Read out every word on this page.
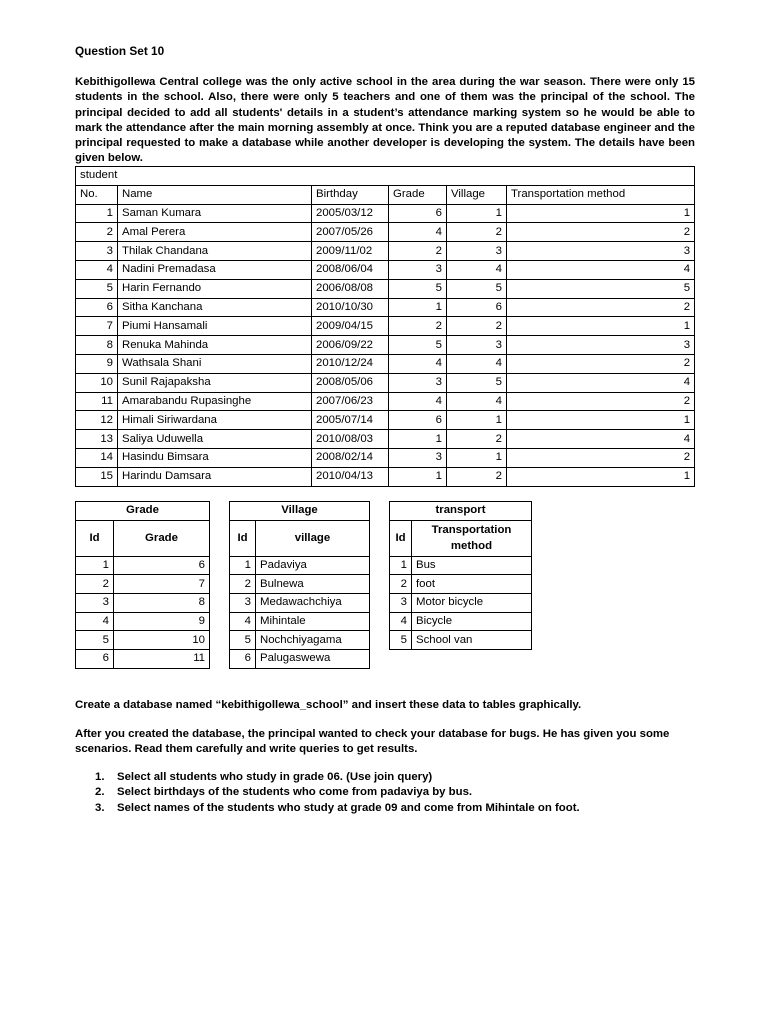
Question Set 10
Kebithigollewa Central college was the only active school in the area during the war season. There were only 15 students in the school. Also, there were only 5 teachers and one of them was the principal of the school. The principal decided to add all students' details in a student’s attendance marking system so he would be able to mark the attendance after the main morning assembly at once. Think you are a reputed database engineer and the principal requested to make a database while another developer is developing the system. The details have been given below.
student					
No.	Name	Birthday	Grade	Village	Transportation method
1	Saman Kumara	2005/03/12	6	1	1
2	Amal Perera	2007/05/26	4	2	2
3	Thilak Chandana	2009/11/02	2	3	3
4	Nadini Premadasa	2008/06/04	3	4	4
5	Harin Fernando	2006/08/08	5	5	5
6	Sitha Kanchana	2010/10/30	1	6	2
7	Piumi Hansamali	2009/04/15	2	2	1
8	Renuka Mahinda	2006/09/22	5	3	3
9	Wathsala Shani	2010/12/24	4	4	2
10	Sunil Rajapaksha	2008/05/06	3	5	4
11	Amarabandu Rupasinghe	2007/06/23	4	4	2
12	Himali Siriwardana	2005/07/14	6	1	1
13	Saliya Uduwella	2010/08/03	1	2	4
14	Hasindu Bimsara	2008/02/14	3	1	2
15	Harindu Damsara	2010/04/13	1	2	1
Grade	
Id	Grade
1	6
2	7
3	8
4	9
5	10
6	11
Village	
Id	village
1	Padaviya
2	Bulnewa
3	Medawachchiya
4	Mihintale
5	Nochchiyagama
6	Palugaswewa
transport	
Id	Transportation method
1	Bus
2	foot
3	Motor bicycle
4	Bicycle
5	School van
Create a database named “kebithigollewa_school” and insert these data to tables graphically.
After you created the database, the principal wanted to check your database for bugs. He has given you some scenarios. Read them carefully and write queries to get results.
1. Select all students who study in grade 06. (Use join query)
2. Select birthdays of the students who come from padaviya by bus.
3. Select names of the students who study at grade 09 and come from Mihintale on foot.
